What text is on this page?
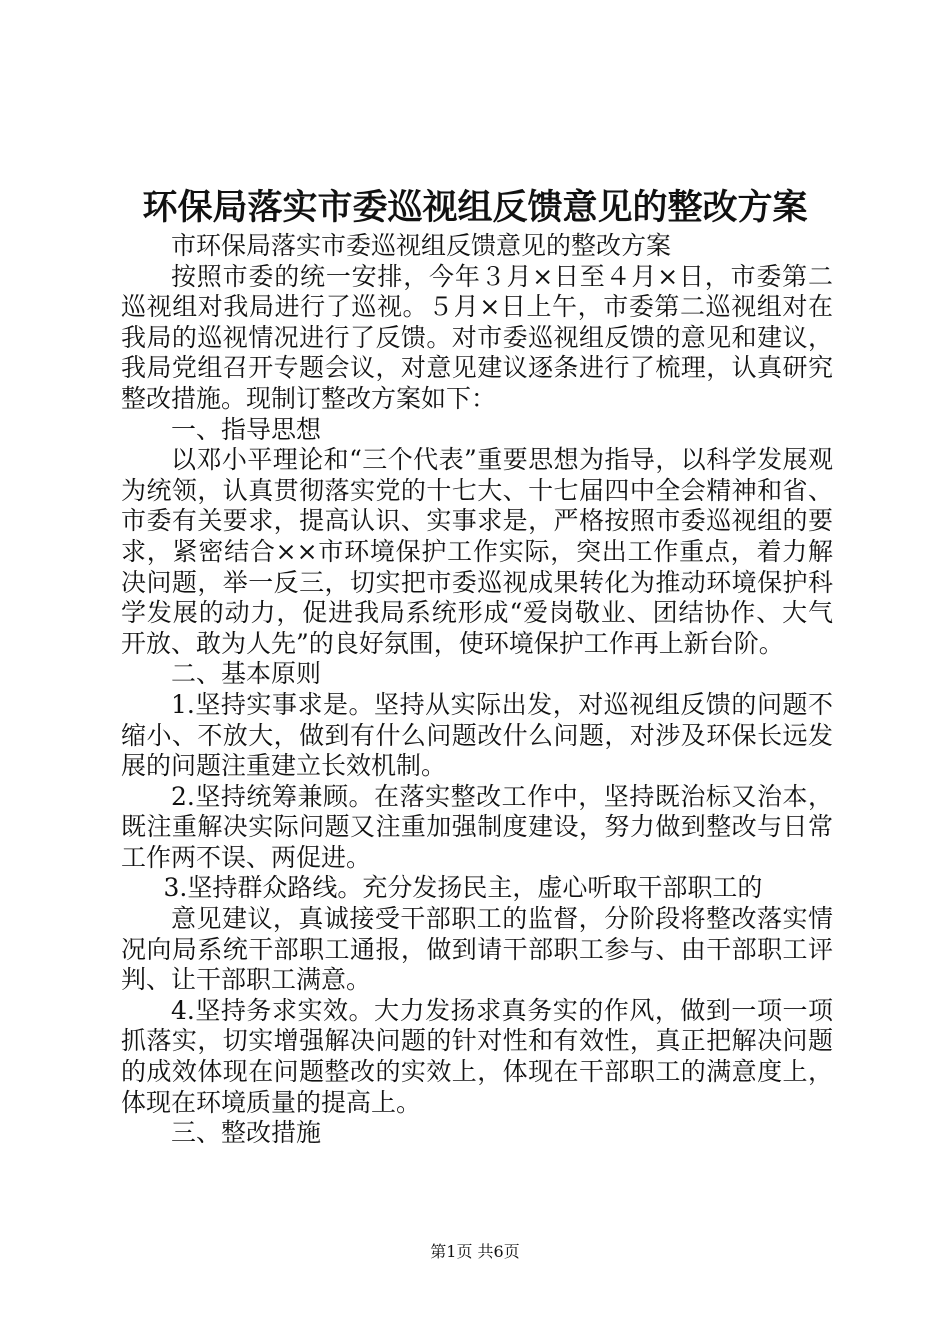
环保局落实市委巡视组反馈意见的整改方案

市环保局落实市委巡视组反馈意见的整改方案

按照市委的统一安排，今年３月×日至４月×日，市委第二巡视组对我局进行了巡视。５月×日上午，市委第二巡视组对在我局的巡视情况进行了反馈。对市委巡视组反馈的意见和建议，我局党组召开专题会议，对意见建议逐条进行了梳理，认真研究整改措施。现制订整改方案如下：

一、指导思想

以邓小平理论和“三个代表”重要思想为指导，以科学发展观为统领，认真贯彻落实党的十七大、十七届四中全会精神和省、市委有关要求，提高认识、实事求是，严格按照市委巡视组的要求，紧密结合××市环境保护工作实际，突出工作重点，着力解决问题，举一反三，切实把市委巡视成果转化为推动环境保护科学发展的动力，促进我局系统形成“爱岗敬业、团结协作、大气开放、敢为人先”的良好氛围，使环境保护工作再上新台阶。

二、基本原则

1.坚持实事求是。坚持从实际出发，对巡视组反馈的问题不缩小、不放大，做到有什么问题改什么问题，对涉及环保长远发展的问题注重建立长效机制。

2.坚持统筹兼顾。在落实整改工作中，坚持既治标又治本，既注重解决实际问题又注重加强制度建设，努力做到整改与日常工作两不误、两促进。

3.坚持群众路线。充分发扬民主，虚心听取干部职工的

意见建议，真诚接受干部职工的监督，分阶段将整改落实情况向局系统干部职工通报，做到请干部职工参与、由干部职工评判、让干部职工满意。

4.坚持务求实效。大力发扬求真务实的作风，做到一项一项抓落实，切实增强解决问题的针对性和有效性，真正把解决问题的成效体现在问题整改的实效上，体现在干部职工的满意度上，体现在环境质量的提高上。

三、整改措施

第1页 共6页
